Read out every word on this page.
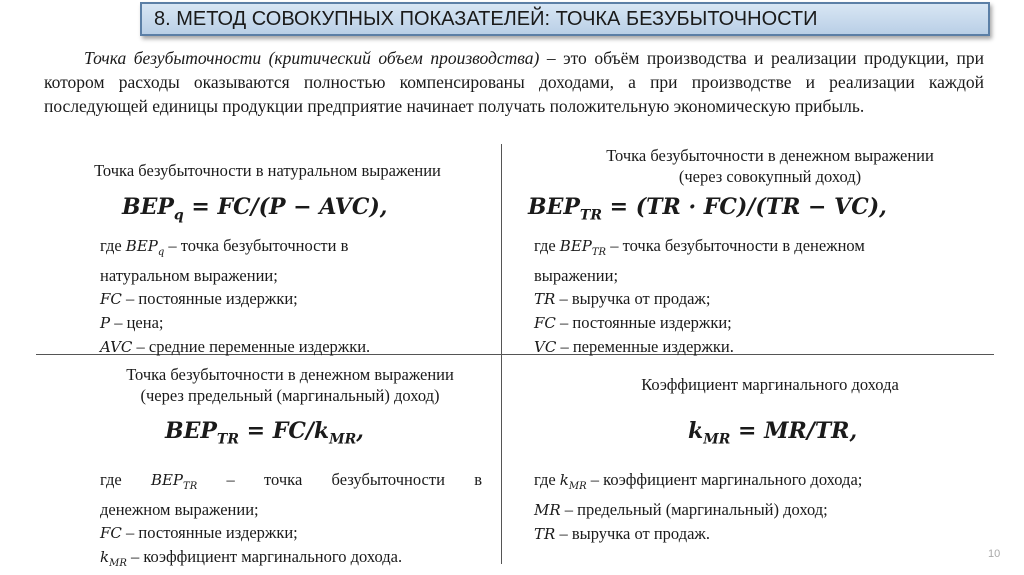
8. МЕТОД СОВОКУПНЫХ ПОКАЗАТЕЛЕЙ: ТОЧКА БЕЗУБЫТОЧНОСТИ
Точка безубыточности (критический объем производства) – это объём производства и реализации продукции, при котором расходы оказываются полностью компенсированы доходами, а при производстве и реализации каждой последующей единицы продукции предприятие начинает получать положительную экономическую прибыль.
Точка безубыточности в натуральном выражении
$BEP_q = FC/(P - AVC)$,
где $BEP_q$ – точка безубыточности в
натуральном выражении;
FC – постоянные издержки;
P – цена;
AVC – средние переменные издержки.
Точка безубыточности в денежном выражении
(через совокупный доход)
$BEP_{TR} = (TR \cdot FC)/(TR - VC)$,
где $BEP_{TR}$ – точка безубыточности в денежном
выражении;
TR – выручка от продаж;
FC – постоянные издержки;
VC – переменные издержки.
Точка безубыточности в денежном выражении
(через предельный (маргинальный) доход)
$BEP_{TR} = FC/k_{MR}$,
где $BEP_{TR}$ – точка безубыточности в
денежном выражении;
FC – постоянные издержки;
$k_{MR}$ – коэффициент маргинального дохода.
Коэффициент маргинального дохода
$k_{MR} = MR/TR$,
где $k_{MR}$ – коэффициент маргинального дохода;
MR – предельный (маргинальный) доход;
TR – выручка от продаж.
10
